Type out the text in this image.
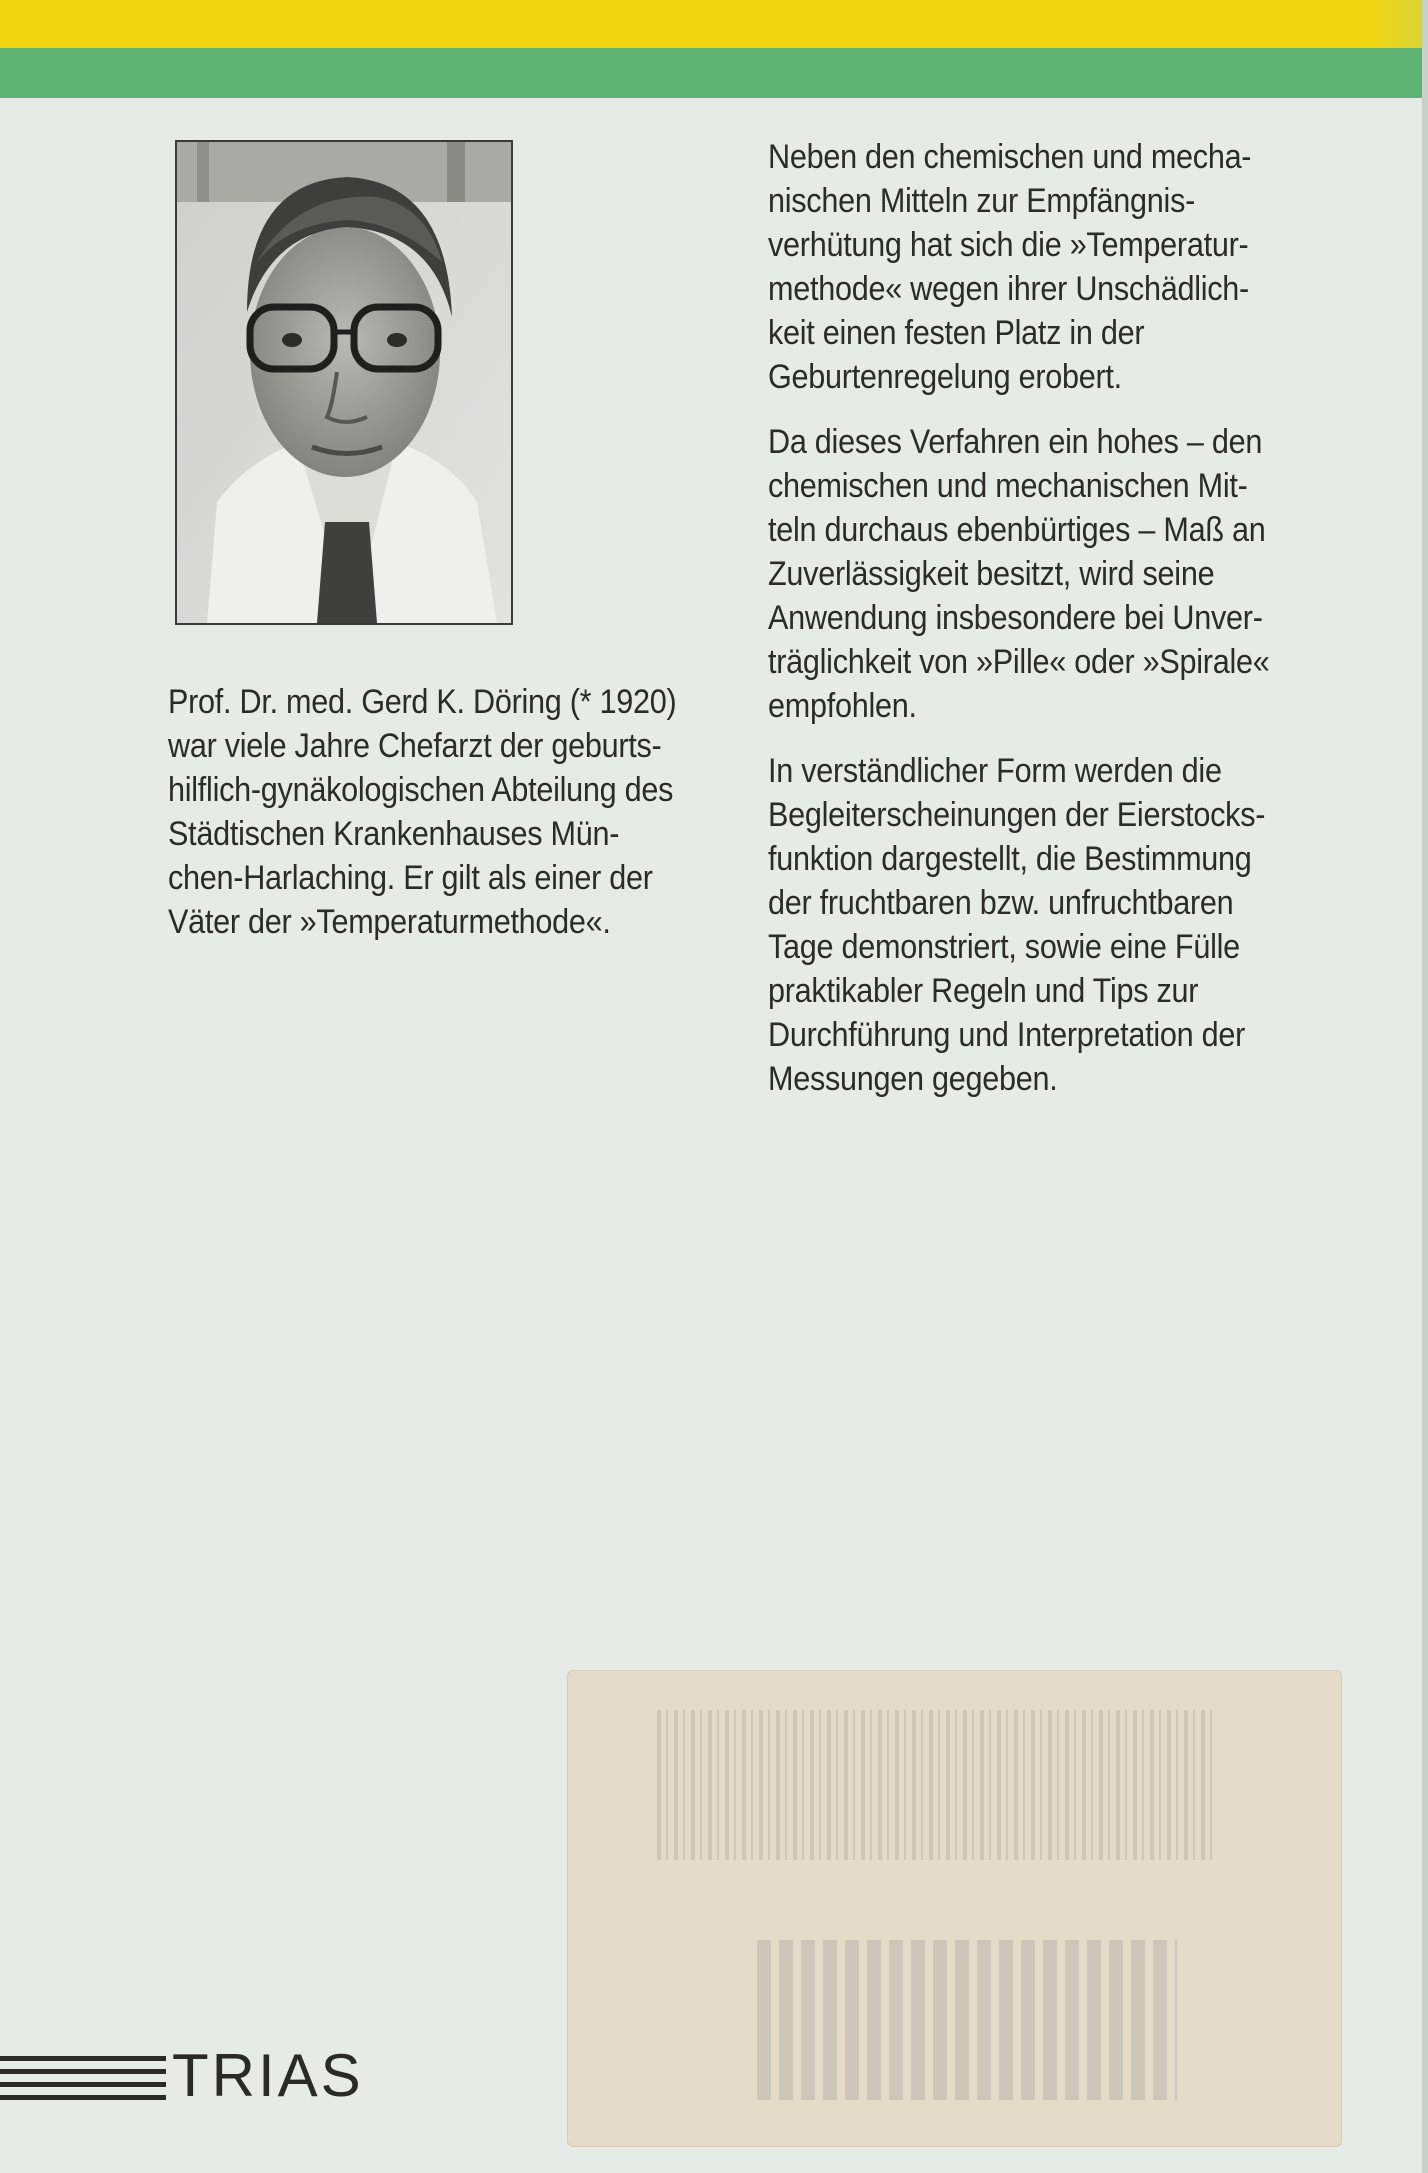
Prof. Dr. med. Gerd K. Döring (* 1920)
war viele Jahre Chefarzt der geburts-
hilflich-gynäkologischen Abteilung des
Städtischen Krankenhauses Mün-
chen-Harlaching. Er gilt als einer der
Väter der »Temperaturmethode«.

Neben den chemischen und mecha-
nischen Mitteln zur Empfängnis-
verhütung hat sich die »Temperatur-
methode« wegen ihrer Unschädlich-
keit einen festen Platz in der
Geburtenregelung erobert.

Da dieses Verfahren ein hohes – den
chemischen und mechanischen Mit-
teln durchaus ebenbürtiges – Maß an
Zuverlässigkeit besitzt, wird seine
Anwendung insbesondere bei Unver-
träglichkeit von »Pille« oder »Spirale«
empfohlen.

In verständlicher Form werden die
Begleiterscheinungen der Eierstocks-
funktion dargestellt, die Bestimmung
der fruchtbaren bzw. unfruchtbaren
Tage demonstriert, sowie eine Fülle
praktikabler Regeln und Tips zur
Durchführung und Interpretation der
Messungen gegeben.

TRIAS
